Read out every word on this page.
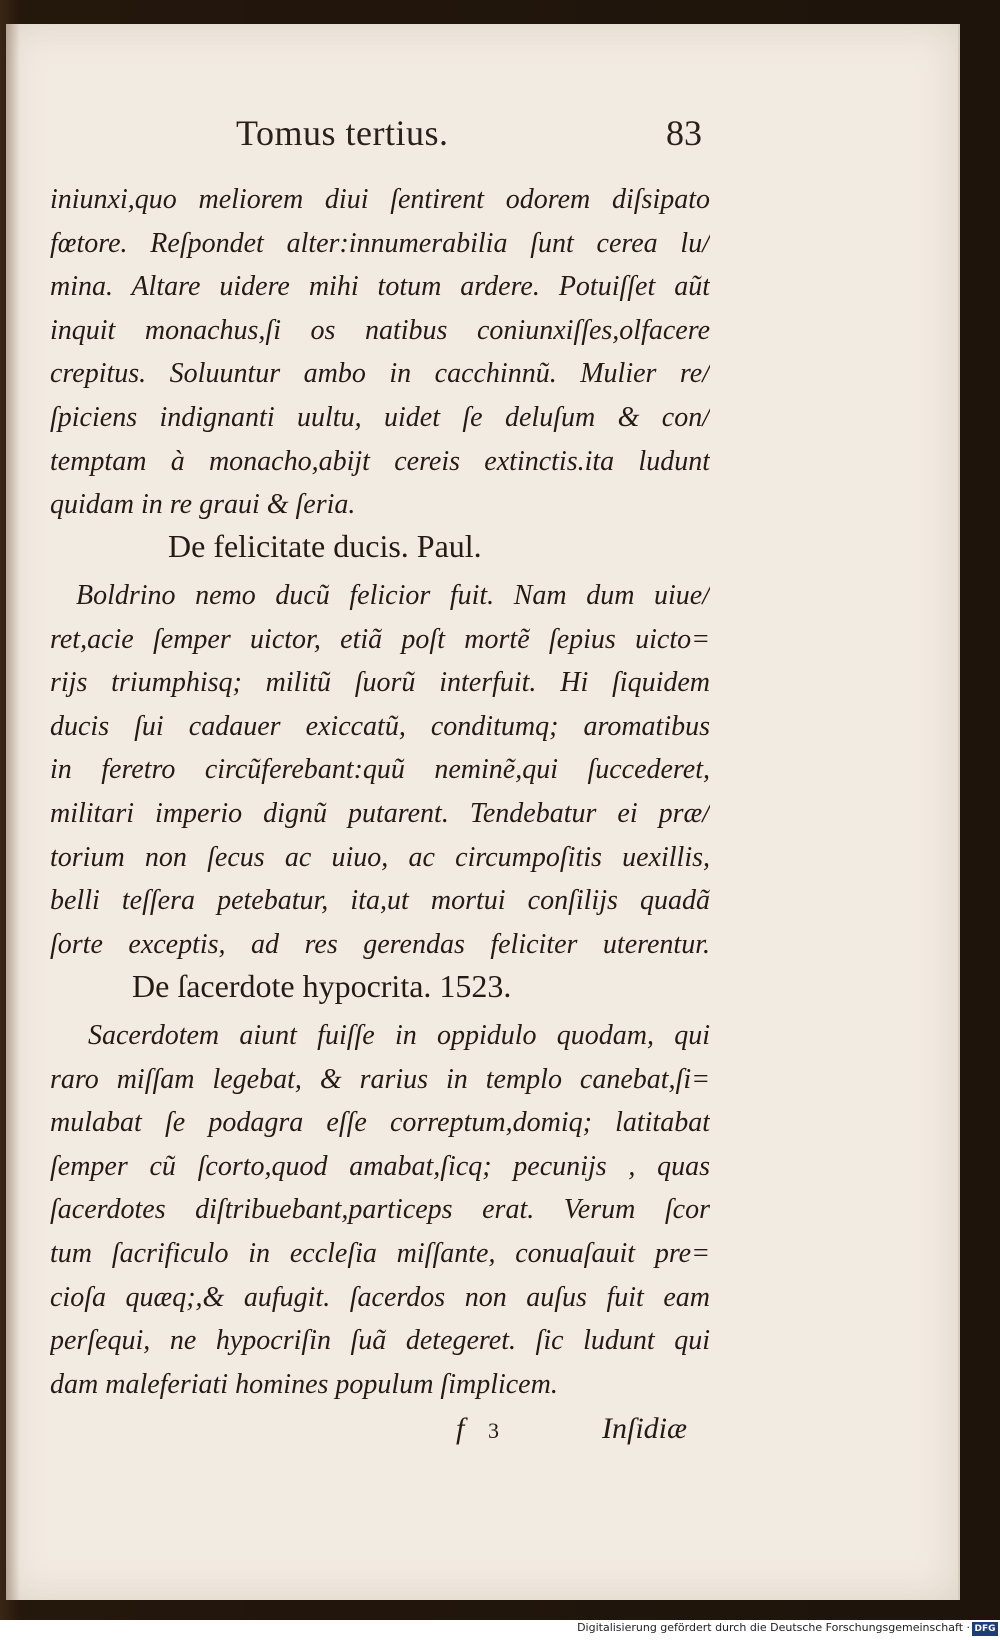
Tomus tertius.	83
iniunxi,quo meliorem diui ſentirent odorem diſsipato
fœtore. Reſpondet alter:innumerabilia ſunt cerea lu/
mina. Altare uidere mihi totum ardere. Potuiſſet aũt
inquit monachus,ſi os natibus coniunxiſſes,olfacere
crepitus. Soluuntur ambo in cacchinnũ. Mulier re/
ſpiciens indignanti uultu, uidet ſe deluſum & con/
temptam à monacho,abijt cereis extinctis.ita ludunt
quidam in re graui & ſeria.
De felicitate ducis. Paul.
Boldrino nemo ducũ felicior fuit. Nam dum uiue/
ret,acie ſemper uictor, etiã poſt mortẽ ſepius uicto=
rijs triumphisq; militũ ſuorũ interfuit. Hi ſiquidem
ducis ſui cadauer exiccatũ, conditumq; aromatibus
in feretro circũferebant:quũ neminẽ,qui ſuccederet,
militari imperio dignũ putarent. Tendebatur ei præ/
torium non ſecus ac uiuo, ac circumpoſitis uexillis,
belli teſſera petebatur, ita,ut mortui conſilijs quadã
ſorte exceptis, ad res gerendas feliciter uterentur.
De ſacerdote hypocrita. 1523.
Sacerdotem aiunt fuiſſe in oppidulo quodam, qui
raro miſſam legebat, & rarius in templo canebat,ſi=
mulabat ſe podagra eſſe correptum,domiq; latitabat
ſemper cũ ſcorto,quod amabat,ſicq; pecunijs , quas
ſacerdotes diſtribuebant,particeps erat. Verum ſcor
tum ſacrificulo in eccleſia miſſante, conuaſauit pre=
cioſa quæq;,& aufugit. ſacerdos non auſus fuit eam
perſequi, ne hypocriſin ſuã detegeret. ſic ludunt qui
dam maleferiati homines populum ſimplicem.
f 3	Inſidiæ
Digitalisierung gefördert durch die Deutsche Forschungsgemeinschaft · DFG
